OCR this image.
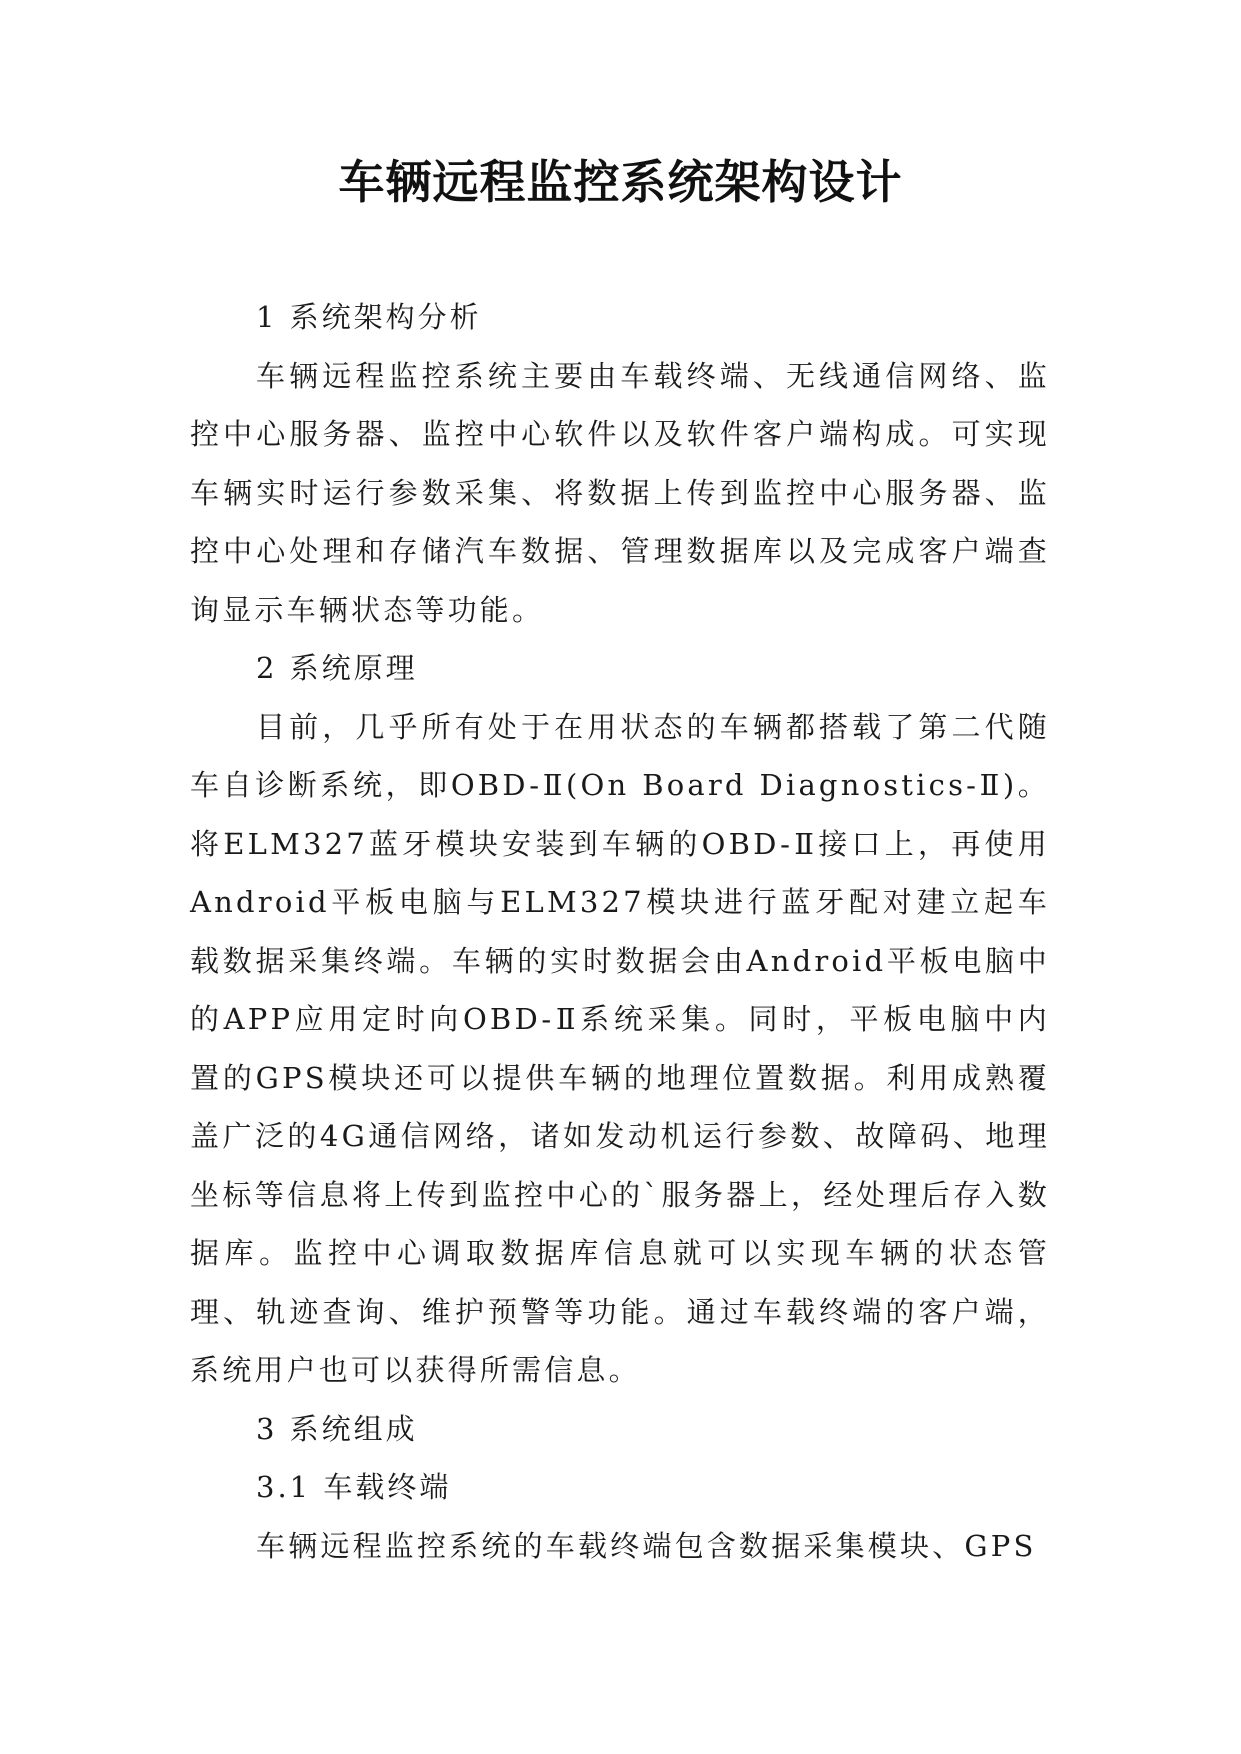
车辆远程监控系统架构设计

1 系统架构分析

车辆远程监控系统主要由车载终端、无线通信网络、监控中心服务器、监控中心软件以及软件客户端构成。可实现车辆实时运行参数采集、将数据上传到监控中心服务器、监控中心处理和存储汽车数据、管理数据库以及完成客户端查询显示车辆状态等功能。

2 系统原理

目前，几乎所有处于在用状态的车辆都搭载了第二代随车自诊断系统，即OBD-Ⅱ(On Board Diagnostics-Ⅱ)。将ELM327蓝牙模块安装到车辆的OBD-Ⅱ接口上，再使用Android平板电脑与ELM327模块进行蓝牙配对建立起车载数据采集终端。车辆的实时数据会由Android平板电脑中的APP应用定时向OBD-Ⅱ系统采集。同时，平板电脑中内置的GPS模块还可以提供车辆的地理位置数据。利用成熟覆盖广泛的4G通信网络，诸如发动机运行参数、故障码、地理坐标等信息将上传到监控中心的`服务器上，经处理后存入数据库。监控中心调取数据库信息就可以实现车辆的状态管理、轨迹查询、维护预警等功能。通过车载终端的客户端，系统用户也可以获得所需信息。

3 系统组成

3.1 车载终端

车辆远程监控系统的车载终端包含数据采集模块、GPS
